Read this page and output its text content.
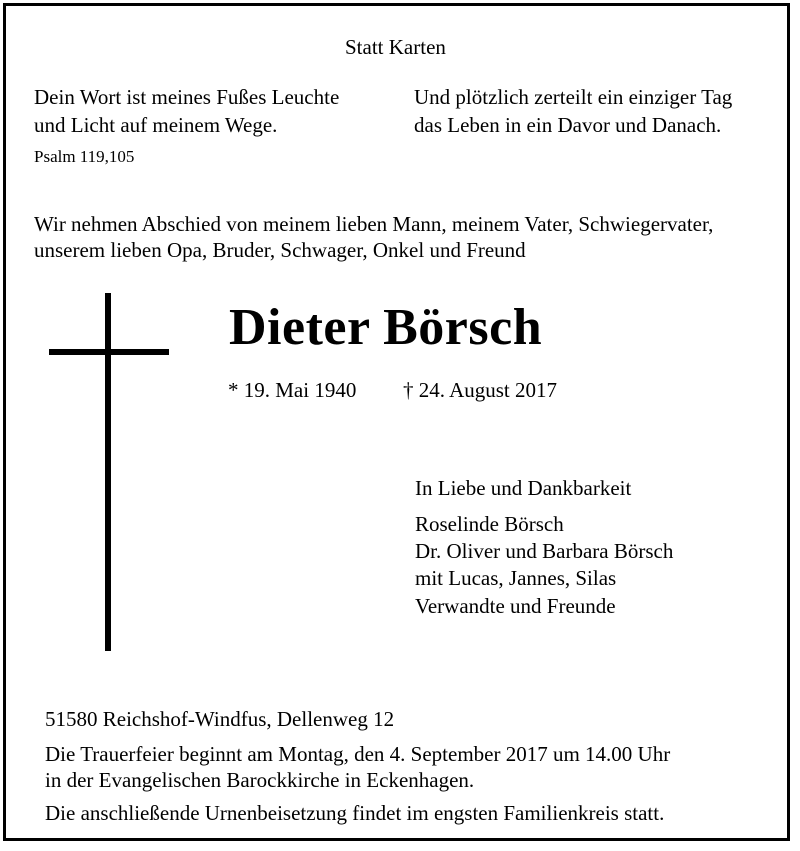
Statt Karten
Dein Wort ist meines Fußes Leuchte
und Licht auf meinem Wege.
Psalm 119,105
Und plötzlich zerteilt ein einziger Tag
das Leben in ein Davor und Danach.
Wir nehmen Abschied von meinem lieben Mann, meinem Vater, Schwiegervater,
unserem lieben Opa, Bruder, Schwager, Onkel und Freund
Dieter Börsch
* 19. Mai 1940 † 24. August 2017
In Liebe und Dankbarkeit
Roselinde Börsch
Dr. Oliver und Barbara Börsch
mit Lucas, Jannes, Silas
Verwandte und Freunde
51580 Reichshof-Windfus, Dellenweg 12
Die Trauerfeier beginnt am Montag, den 4. September 2017 um 14.00 Uhr
in der Evangelischen Barockkirche in Eckenhagen.
Die anschließende Urnenbeisetzung findet im engsten Familienkreis statt.
